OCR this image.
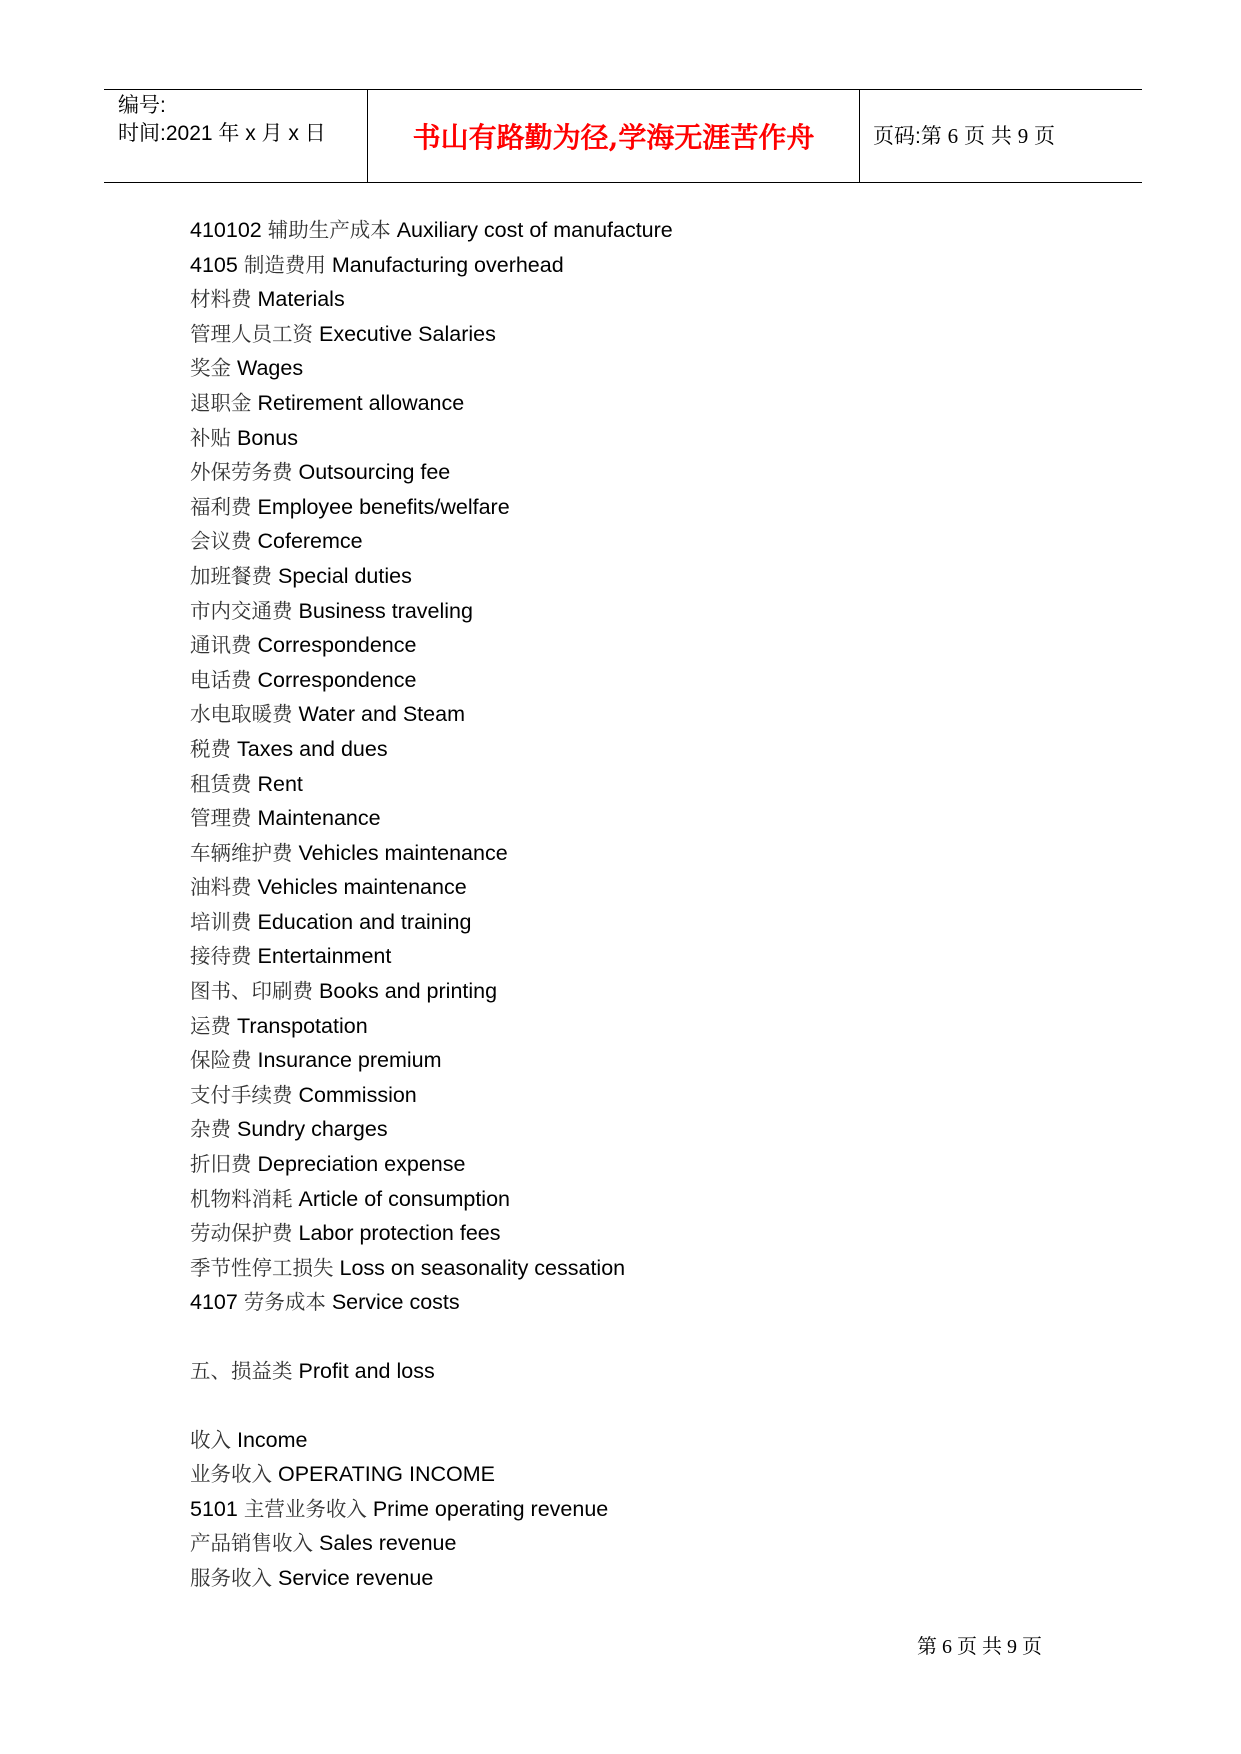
编号:
时间:2021 年 x 月 x 日	书山有路勤为径,学海无涯苦作舟	页码:第 6 页 共 9 页
410102 辅助生产成本 Auxiliary cost of manufacture
4105 制造费用 Manufacturing overhead
材料费 Materials
管理人员工资 Executive Salaries
奖金 Wages
退职金 Retirement allowance
补贴 Bonus
外保劳务费 Outsourcing fee
福利费 Employee benefits/welfare
会议费 Coferemce
加班餐费 Special duties
市内交通费 Business traveling
通讯费 Correspondence
电话费 Correspondence
水电取暖费 Water and Steam
税费 Taxes and dues
租赁费 Rent
管理费 Maintenance
车辆维护费 Vehicles maintenance
油料费 Vehicles maintenance
培训费 Education and training
接待费 Entertainment
图书、印刷费 Books and printing
运费 Transpotation
保险费 Insurance premium
支付手续费 Commission
杂费 Sundry charges
折旧费 Depreciation expense
机物料消耗 Article of consumption
劳动保护费 Labor protection fees
季节性停工损失 Loss on seasonality cessation
4107 劳务成本 Service costs
五、损益类 Profit and loss
收入 Income
业务收入 OPERATING INCOME
5101 主营业务收入 Prime operating revenue
产品销售收入 Sales revenue
服务收入 Service revenue
第 6 页 共 9 页
